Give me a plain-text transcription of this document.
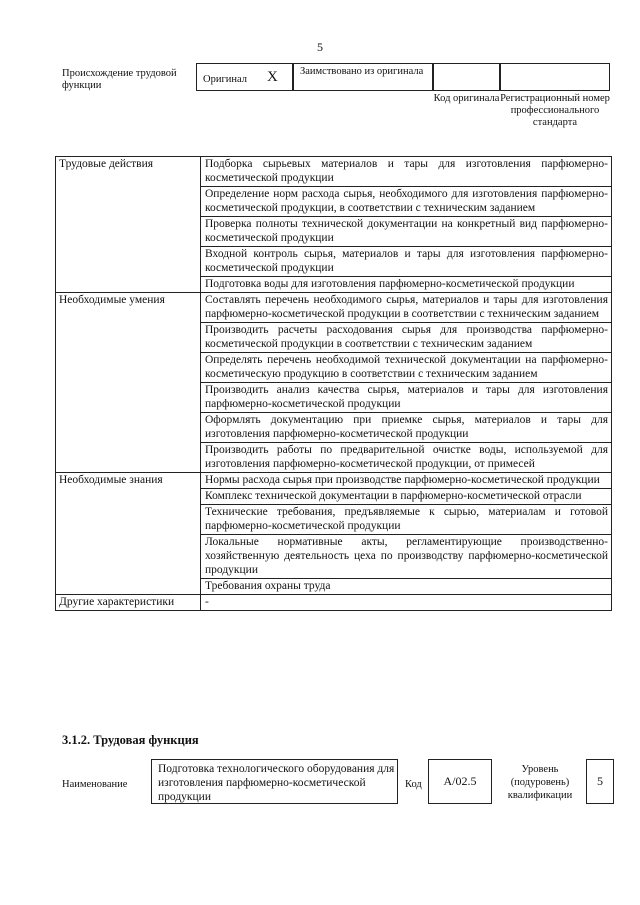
5
Происхождение трудовой функции
Оригинал X Заимствовано из оригинала
Код оригинала Регистрационный номер профессионального стандарта
Трудовые действия	Подборка сырьевых материалов и тары для изготовления парфюмерно-косметической продукции
	Определение норм расхода сырья, необходимого для изготовления парфюмерно-косметической продукции, в соответствии с техническим заданием
	Проверка полноты технической документации на конкретный вид парфюмерно-косметической продукции
	Входной контроль сырья, материалов и тары для изготовления парфюмерно-косметической продукции
	Подготовка воды для изготовления парфюмерно-косметической продукции
Необходимые умения	Составлять перечень необходимого сырья, материалов и тары для изготовления парфюмерно-косметической продукции в соответствии с техническим заданием
	Производить расчеты расходования сырья для производства парфюмерно-косметической продукции в соответствии с техническим заданием
	Определять перечень необходимой технической документации на парфюмерно-косметическую продукцию в соответствии с техническим заданием
	Производить анализ качества сырья, материалов и тары для изготовления парфюмерно-косметической продукции
	Оформлять документацию при приемке сырья, материалов и тары для изготовления парфюмерно-косметической продукции
	Производить работы по предварительной очистке воды, используемой для изготовления парфюмерно-косметической продукции, от примесей
Необходимые знания	Нормы расхода сырья при производстве парфюмерно-косметической продукции
	Комплекс технической документации в парфюмерно-косметической отрасли
	Технические требования, предъявляемые к сырью, материалам и готовой парфюмерно-косметической продукции
	Локальные нормативные акты, регламентирующие производственно-хозяйственную деятельность цеха по производству парфюмерно-косметической продукции
	Требования охраны труда
Другие характеристики	-
3.1.2. Трудовая функция
Наименование
Подготовка технологического оборудования для изготовления парфюмерно-косметической продукции
Код	A/02.5
Уровень (подуровень) квалификации
5
